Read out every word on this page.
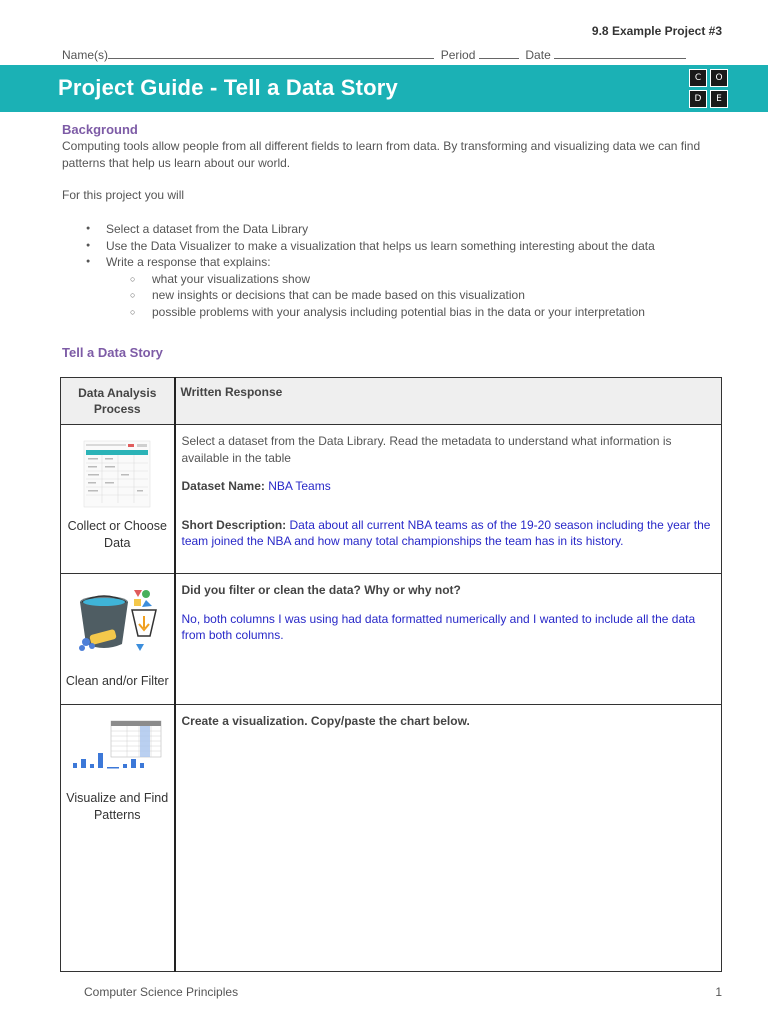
9.8 Example Project #3
Name(s)	Period	Date
Project Guide - Tell a Data Story	C	O
D	E
Background
Computing tools allow people from all different fields to learn from data. By transforming and visualizing data we can find patterns that help us learn about our world.
For this project you will
● Select a dataset from the Data Library
● Use the Data Visualizer to make a visualization that helps us learn something interesting about the data
● Write a response that explains:
○ what your visualizations show
○ new insights or decisions that can be made based on this visualization
○ possible problems with your analysis including potential bias in the data or your interpretation
Tell a Data Story
Data Analysis Process	Written Response

Collect or Choose Data	Select a dataset from the Data Library. Read the metadata to understand what information is available in the table
Dataset Name: NBA Teams
Short Description: Data about all current NBA teams as of the 19-20 season including the year the team joined the NBA and how many total championships the team has in its history.

Clean and/or Filter	Did you filter or clean the data? Why or why not?
No, both columns I was using had data formatted numerically and I wanted to include all the data from both columns.

Visualize and Find Patterns	Create a visualization. Copy/paste the chart below.
Computer Science Principles	1
